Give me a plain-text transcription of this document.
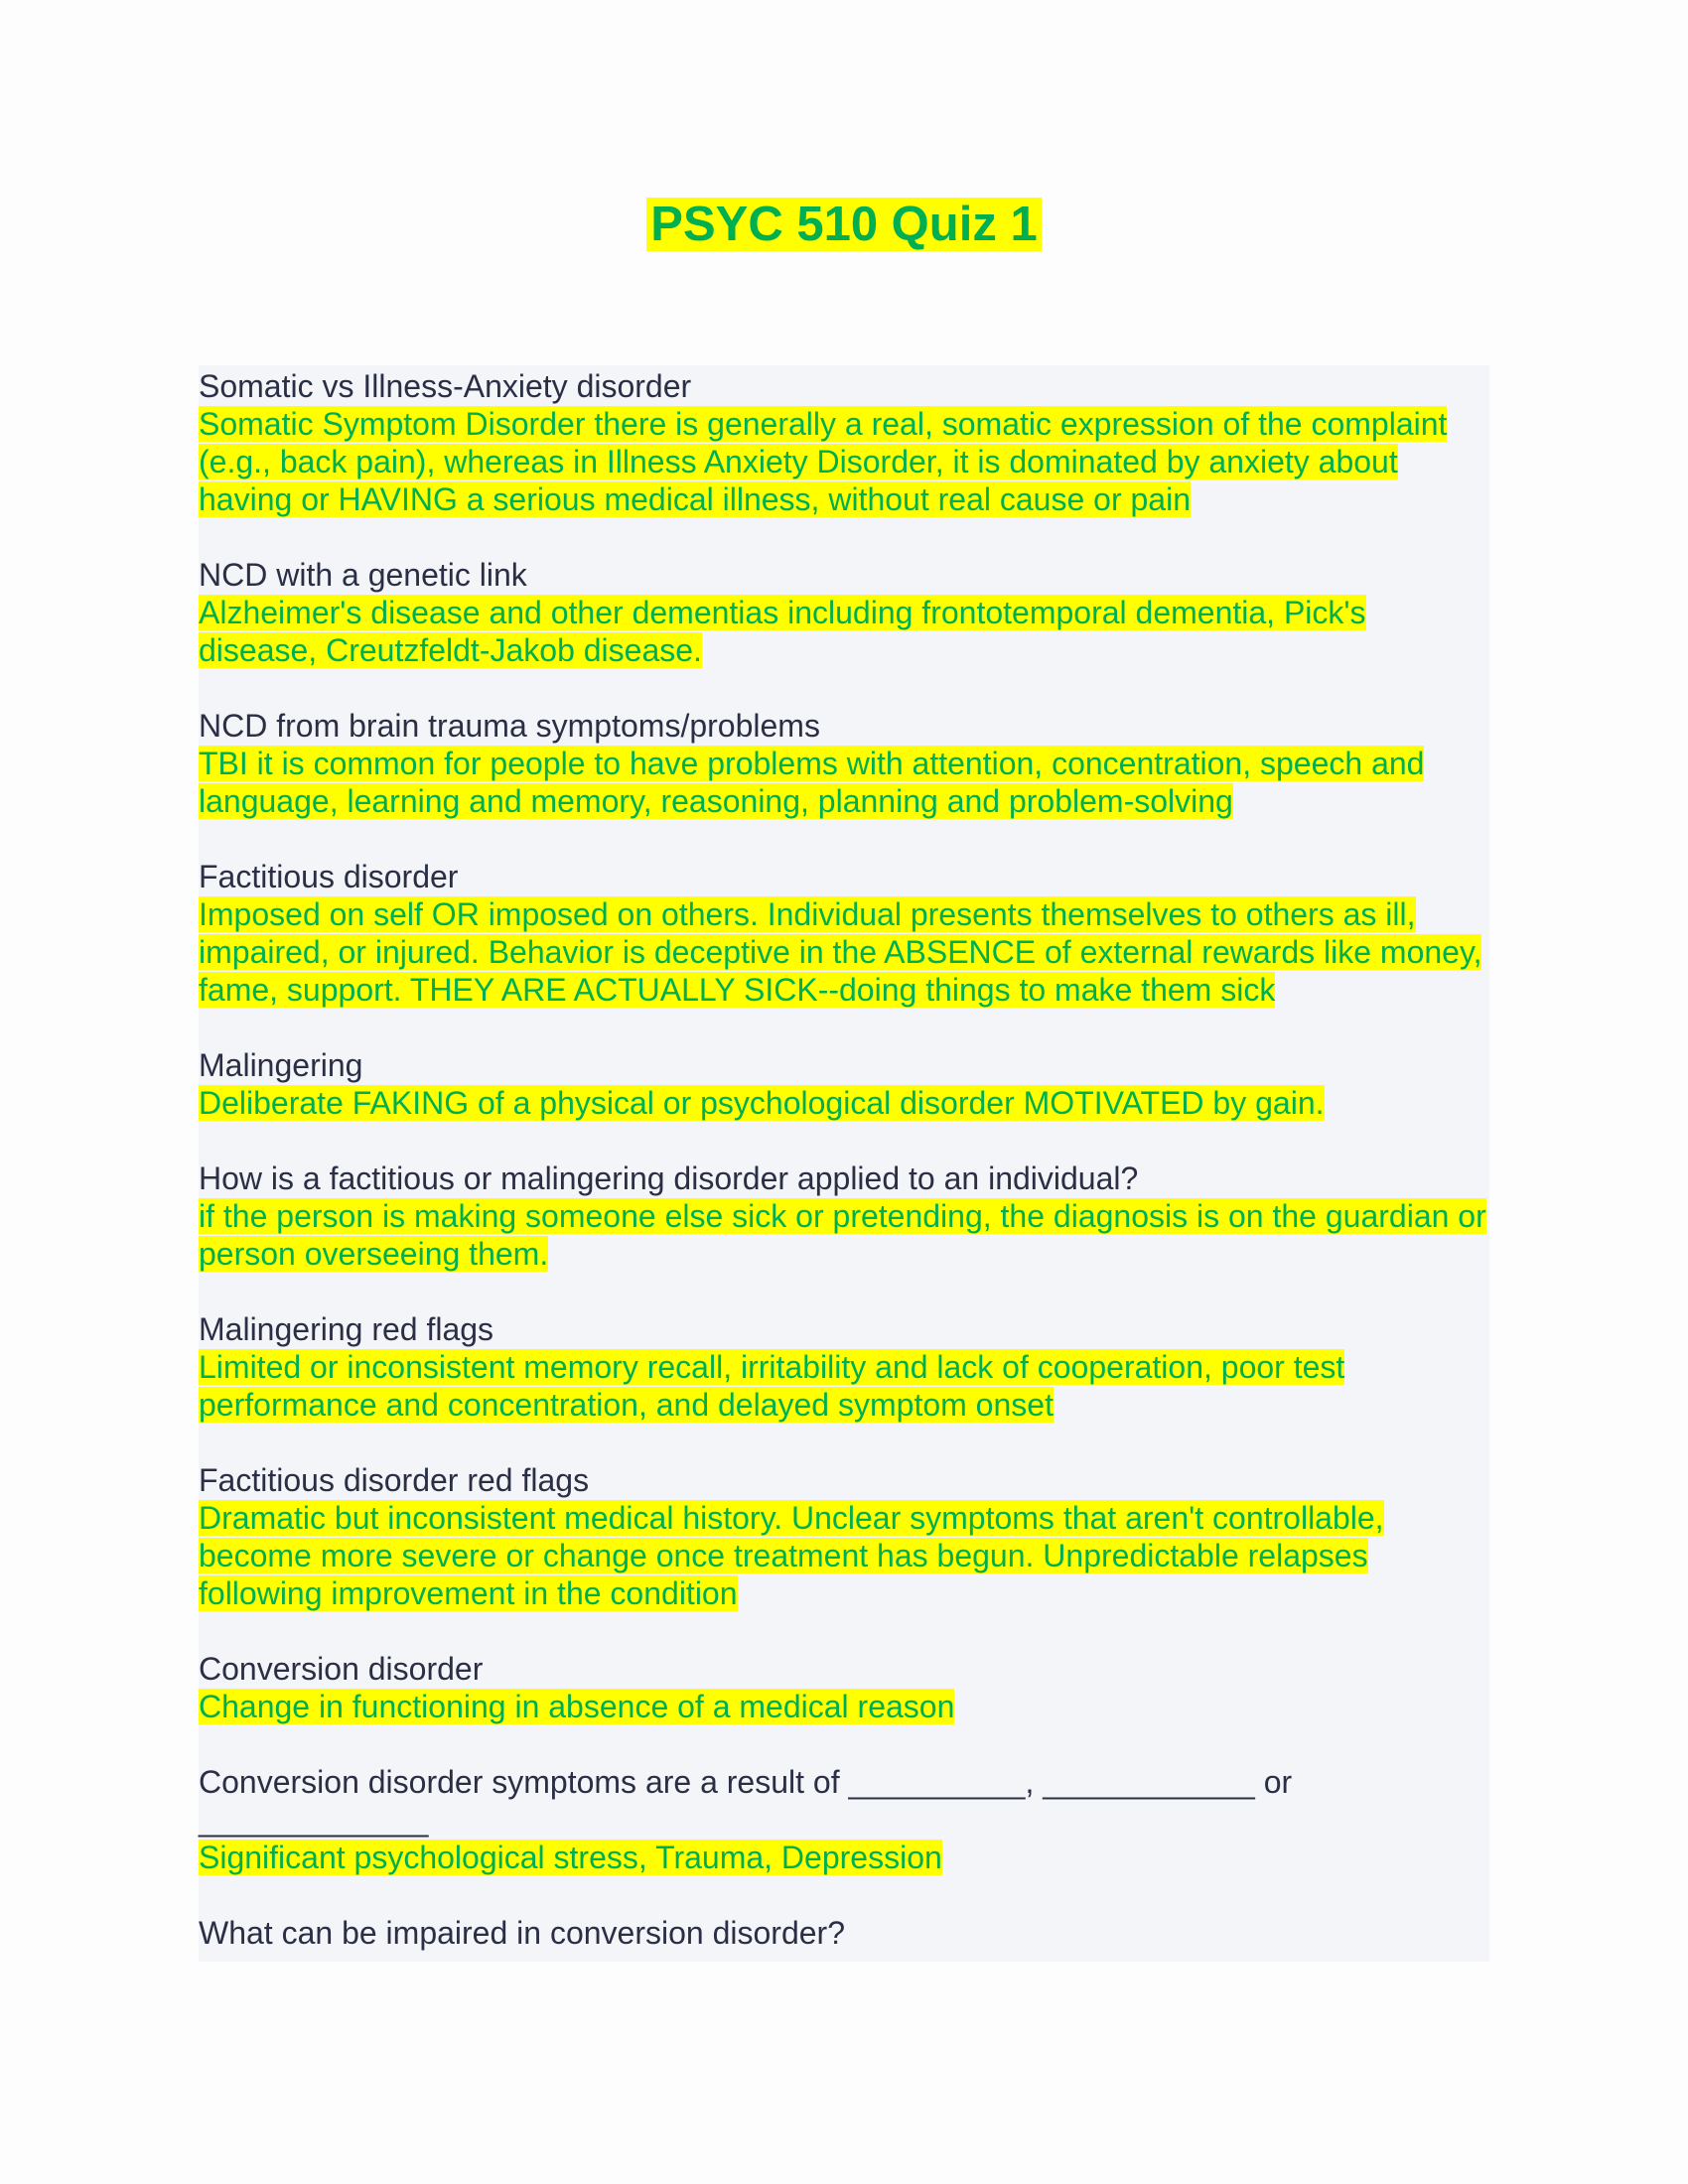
PSYC 510 Quiz 1

Somatic vs Illness-Anxiety disorder

Somatic Symptom Disorder there is generally a real, somatic expression of the complaint (e.g., back pain), whereas in Illness Anxiety Disorder, it is dominated by anxiety about having or HAVING a serious medical illness, without real cause or pain

NCD with a genetic link

Alzheimer's disease and other dementias including frontotemporal dementia, Pick's disease, Creutzfeldt-Jakob disease.

NCD from brain trauma symptoms/problems

TBI it is common for people to have problems with attention, concentration, speech and language, learning and memory, reasoning, planning and problem-solving

Factitious disorder

Imposed on self OR imposed on others. Individual presents themselves to others as ill, impaired, or injured. Behavior is deceptive in the ABSENCE of external rewards like money, fame, support. THEY ARE ACTUALLY SICK--doing things to make them sick

Malingering

Deliberate FAKING of a physical or psychological disorder MOTIVATED by gain.

How is a factitious or malingering disorder applied to an individual?

if the person is making someone else sick or pretending, the diagnosis is on the guardian or person overseeing them.

Malingering red flags

Limited or inconsistent memory recall, irritability and lack of cooperation, poor test performance and concentration, and delayed symptom onset

Factitious disorder red flags

Dramatic but inconsistent medical history. Unclear symptoms that aren't controllable, become more severe or change once treatment has begun. Unpredictable relapses following improvement in the condition

Conversion disorder

Change in functioning in absence of a medical reason

Conversion disorder symptoms are a result of __________, ____________ or _____________

Significant psychological stress, Trauma, Depression

What can be impaired in conversion disorder?
